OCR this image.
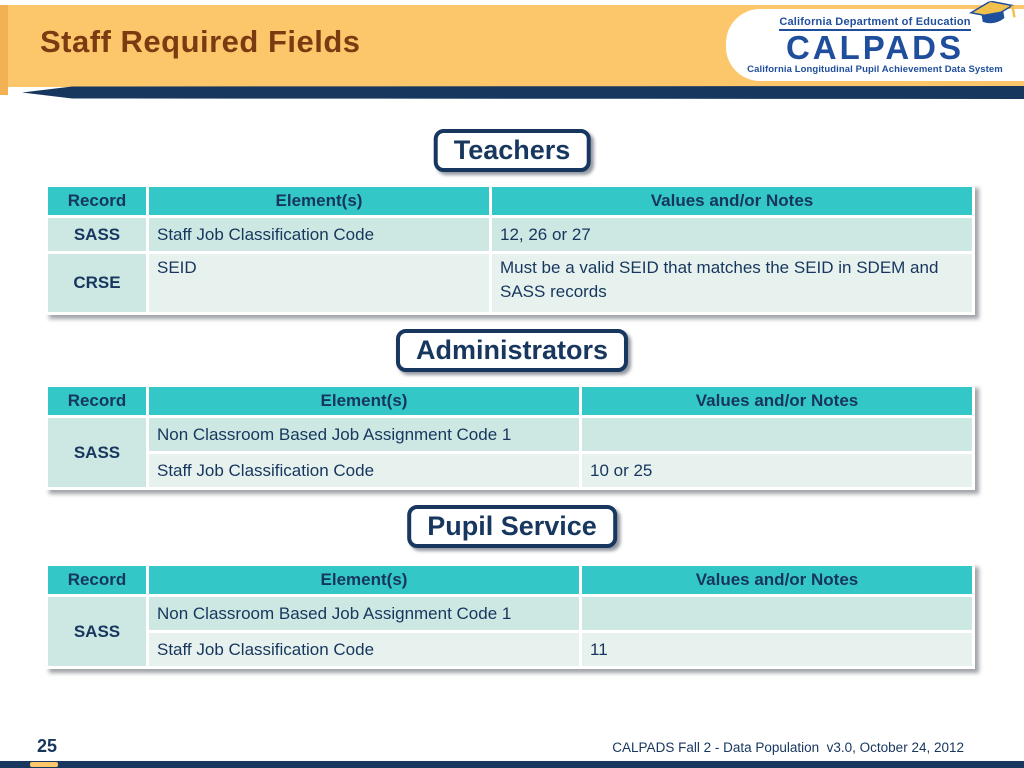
Staff Required Fields
California Department of Education
CALPADS
California Longitudinal Pupil Achievement Data System
Teachers
Record	Element(s)	Values and/or Notes
SASS	Staff Job Classification Code	12, 26 or 27
CRSE	SEID	Must be a valid SEID that matches the SEID in SDEM and SASS records
Administrators
Record	Element(s)	Values and/or Notes
SASS	Non Classroom Based Job Assignment Code 1	
	Staff Job Classification Code	10 or 25
Pupil Service
Record	Element(s)	Values and/or Notes
SASS	Non Classroom Based Job Assignment Code 1	
	Staff Job Classification Code	11
25	CALPADS Fall 2 - Data Population  v3.0, October 24, 2012
